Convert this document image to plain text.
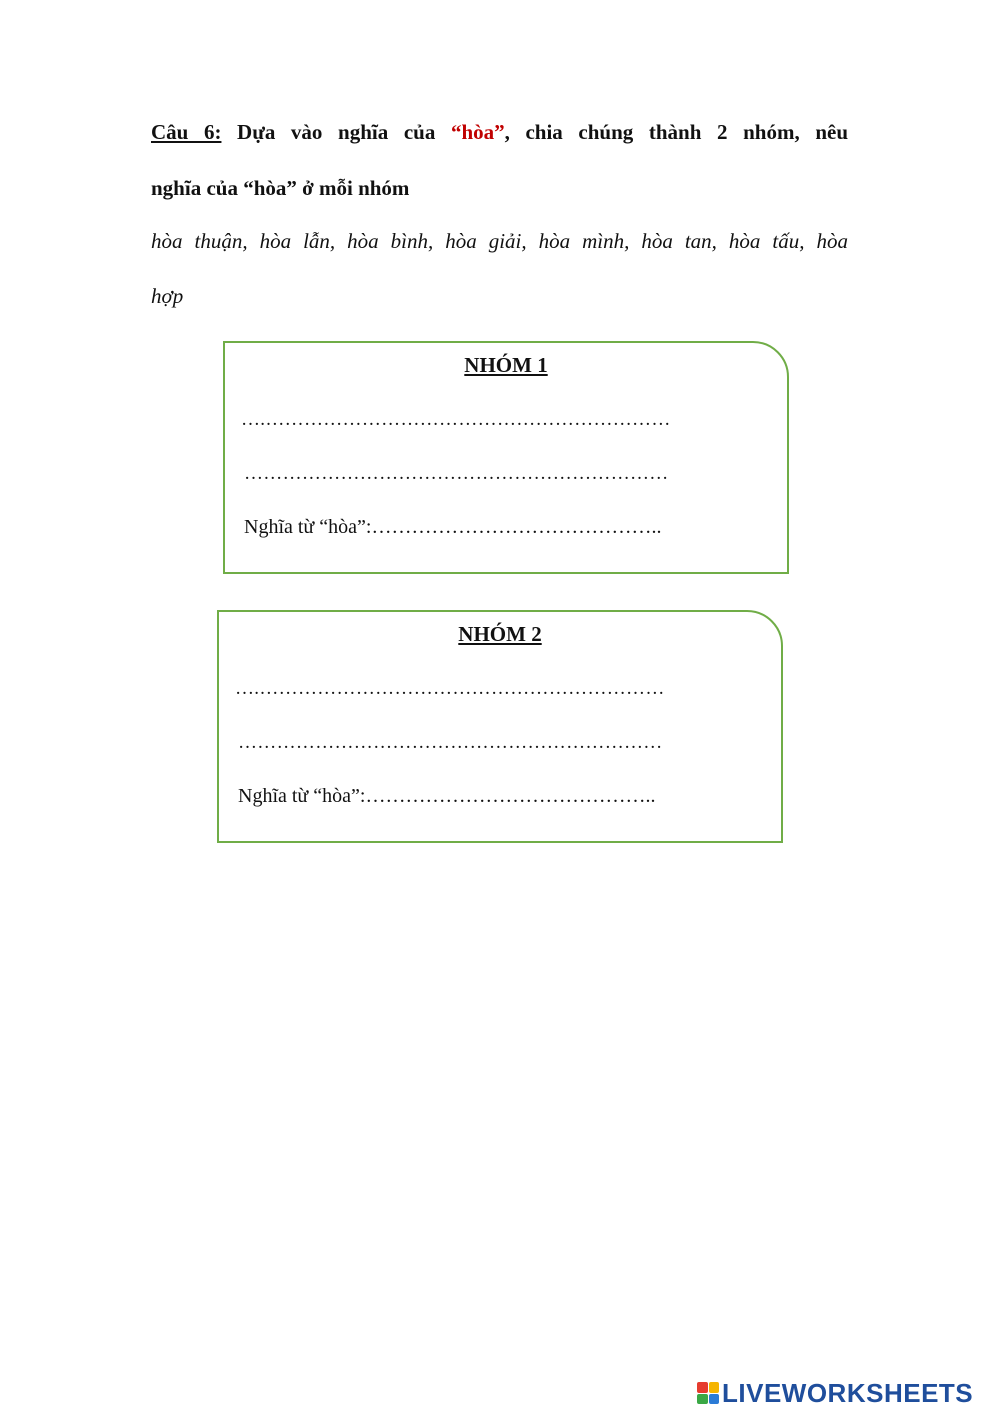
Câu 6: Dựa vào nghĩa của “hòa”, chia chúng thành 2 nhóm, nêu
nghĩa của “hòa” ở mỗi nhóm
hòa thuận, hòa lẫn, hòa bình, hòa giải, hòa mình, hòa tan, hòa tấu, hòa
hợp
NHÓM 1
….………………………………………………………
…………………………………………………………
Nghĩa từ “hòa”:……………………………………..
NHÓM 2
….………………………………………………………
…………………………………………………………
Nghĩa từ “hòa”:……………………………………..
LIVEWORKSHEETS
